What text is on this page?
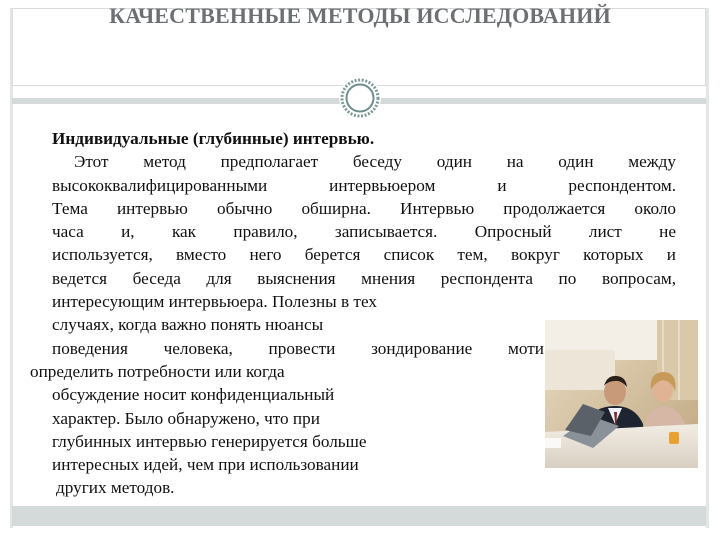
КАЧЕСТВЕННЫЕ МЕТОДЫ ИССЛЕДОВАНИЙ
Индивидуальные (глубинные) интервью.
Этот метод предполагает беседу один на один между
высококвалифицированными интервьюером и респондентом.
Тема интервью обычно обширна. Интервью продолжается около
часа и, как правило, записывается. Опросный лист не
используется, вместо него берется список тем, вокруг которых и
ведется беседа для выяснения мнения респондента по вопросам,
интересующим интервьюера. Полезны в тех
случаях, когда важно понять нюансы
поведения человека, провести зондирование моти
определить потребности или когда
обсуждение носит конфиденциальный
характер. Было обнаружено, что при
глубинных интервью генерируется больше
интересных идей, чем при использовании
других методов.
